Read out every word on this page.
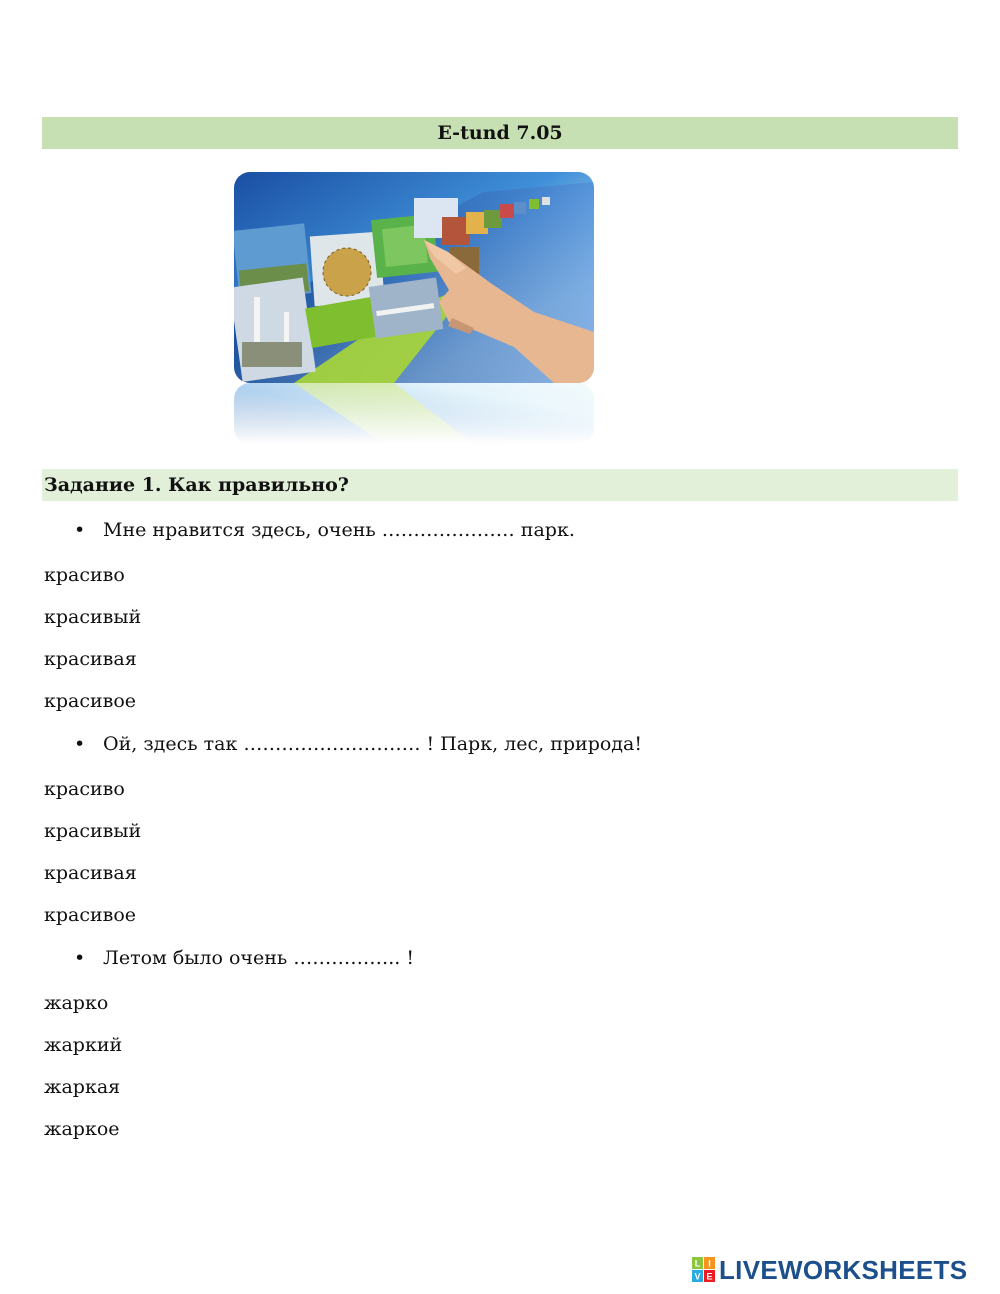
E-tund 7.05
Задание 1. Как правильно?
• Мне нравится здесь, очень ………………… парк.
красиво
красивый
красивая
красивое
• Ой, здесь так ………………………. ! Парк, лес, природа!
красиво
красивый
красивая
красивое
• Летом было очень …………….. !
жарко
жаркий
жаркая
жаркое
L I
V E LIVEWORKSHEETS
